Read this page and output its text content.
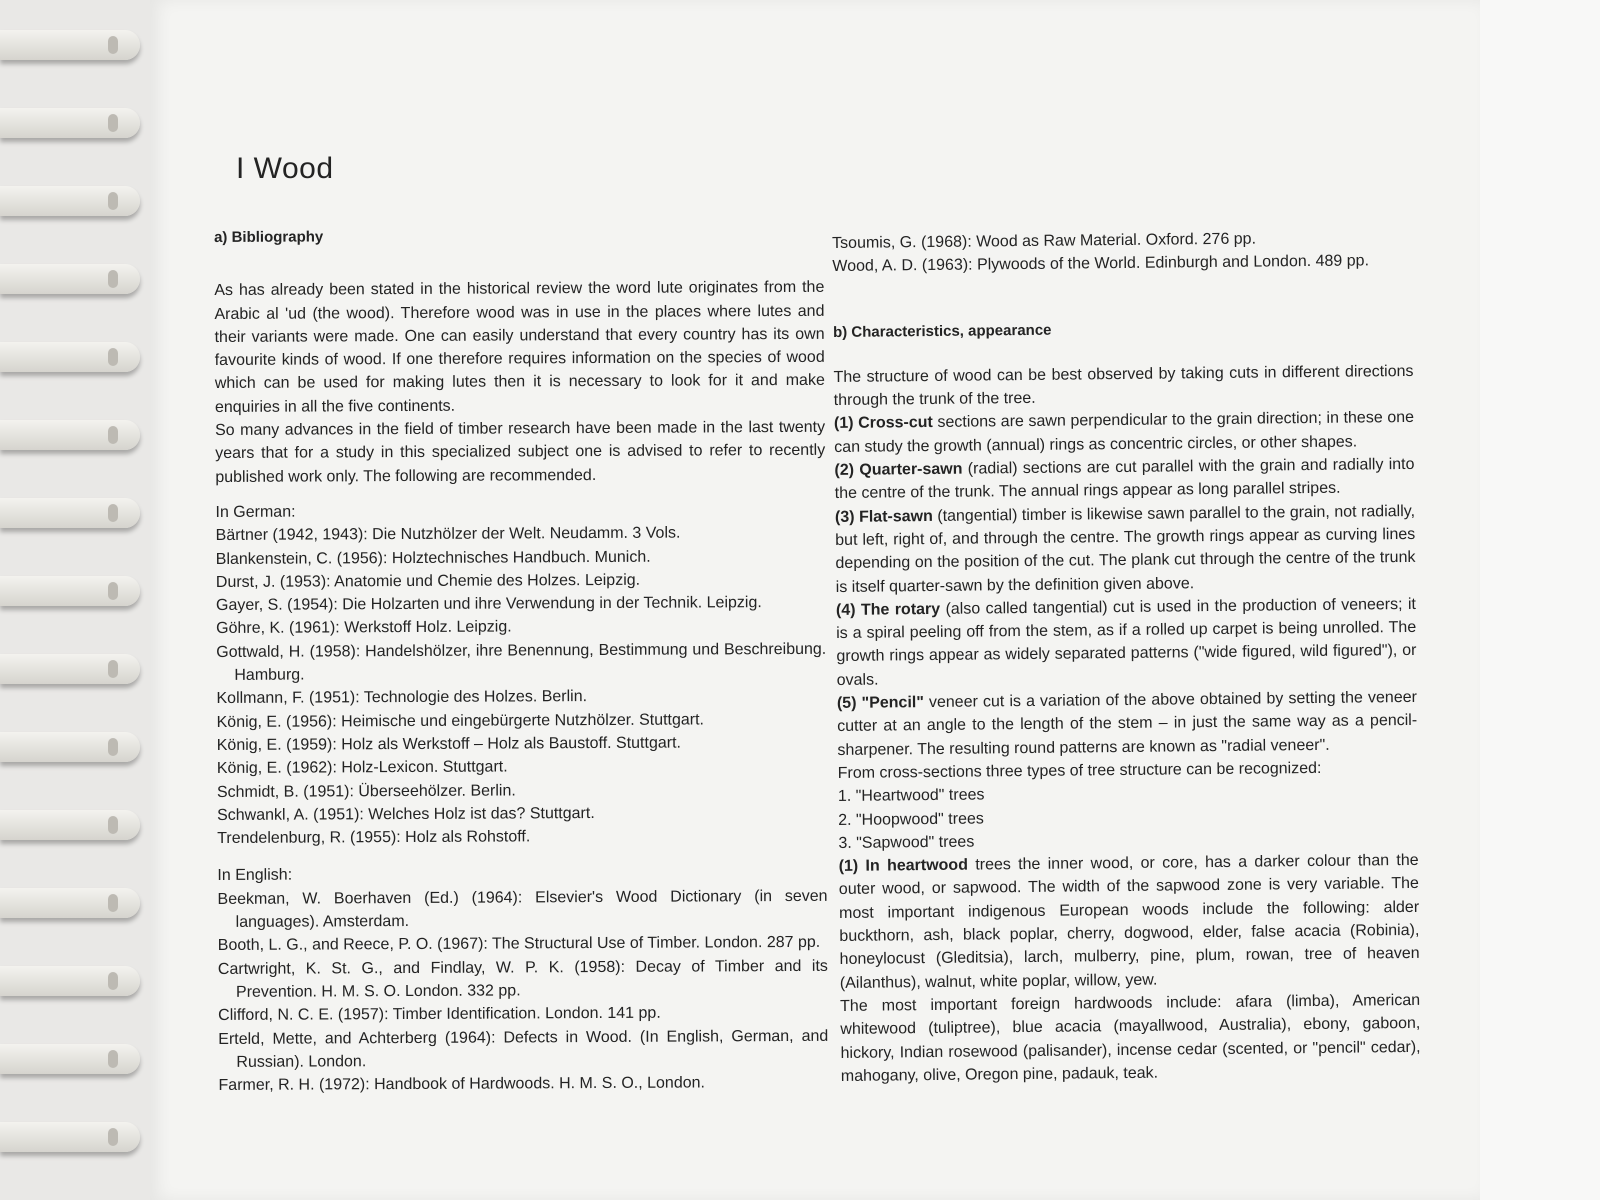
I Wood

a) Bibliography

As has already been stated in the historical review the word lute originates from the Arabic al 'ud (the wood). Therefore wood was in use in the places where lutes and their variants were made. One can easily understand that every country has its own favourite kinds of wood. If one therefore requires information on the species of wood which can be used for making lutes then it is necessary to look for it and make enquiries in all the five continents.

So many advances in the field of timber research have been made in the last twenty years that for a study in this specialized subject one is advised to refer to recently published work only. The following are recommended.

In German:

Bärtner (1942, 1943): Die Nutzhölzer der Welt. Neudamm. 3 Vols.

Blankenstein, C. (1956): Holztechnisches Handbuch. Munich.

Durst, J. (1953): Anatomie und Chemie des Holzes. Leipzig.

Gayer, S. (1954): Die Holzarten und ihre Verwendung in der Technik. Leipzig.

Göhre, K. (1961): Werkstoff Holz. Leipzig.

Gottwald, H. (1958): Handelshölzer, ihre Benennung, Bestimmung und Beschreibung. Hamburg.

Kollmann, F. (1951): Technologie des Holzes. Berlin.

König, E. (1956): Heimische und eingebürgerte Nutzhölzer. Stuttgart.

König, E. (1959): Holz als Werkstoff – Holz als Baustoff. Stuttgart.

König, E. (1962): Holz-Lexicon. Stuttgart.

Schmidt, B. (1951): Überseehölzer. Berlin.

Schwankl, A. (1951): Welches Holz ist das? Stuttgart.

Trendelenburg, R. (1955): Holz als Rohstoff.

In English:

Beekman, W. Boerhaven (Ed.) (1964): Elsevier's Wood Dictionary (in seven languages). Amsterdam.

Booth, L. G., and Reece, P. O. (1967): The Structural Use of Timber. London. 287 pp.

Cartwright, K. St. G., and Findlay, W. P. K. (1958): Decay of Timber and its Prevention. H. M. S. O. London. 332 pp.

Clifford, N. C. E. (1957): Timber Identification. London. 141 pp.

Erteld, Mette, and Achterberg (1964): Defects in Wood. (In English, German, and Russian). London.

Farmer, R. H. (1972): Handbook of Hardwoods. H. M. S. O., London.

Tsoumis, G. (1968): Wood as Raw Material. Oxford. 276 pp.

Wood, A. D. (1963): Plywoods of the World. Edinburgh and London. 489 pp.

b) Characteristics, appearance

The structure of wood can be best observed by taking cuts in different directions through the trunk of the tree.

(1) Cross-cut sections are sawn perpendicular to the grain direction; in these one can study the growth (annual) rings as concentric circles, or other shapes.

(2) Quarter-sawn (radial) sections are cut parallel with the grain and radially into the centre of the trunk. The annual rings appear as long parallel stripes.

(3) Flat-sawn (tangential) timber is likewise sawn parallel to the grain, not radially, but left, right of, and through the centre. The growth rings appear as curving lines depending on the position of the cut. The plank cut through the centre of the trunk is itself quarter-sawn by the definition given above.

(4) The rotary (also called tangential) cut is used in the production of veneers; it is a spiral peeling off from the stem, as if a rolled up carpet is being unrolled. The growth rings appear as widely separated patterns ("wide figured, wild figured"), or ovals.

(5) "Pencil" veneer cut is a variation of the above obtained by setting the veneer cutter at an angle to the length of the stem – in just the same way as a pencil-sharpener. The resulting round patterns are known as "radial veneer".

From cross-sections three types of tree structure can be recognized:

1. "Heartwood" trees

2. "Hoopwood" trees

3. "Sapwood" trees

(1) In heartwood trees the inner wood, or core, has a darker colour than the outer wood, or sapwood. The width of the sapwood zone is very variable. The most important indigenous European woods include the following: alder buckthorn, ash, black poplar, cherry, dogwood, elder, false acacia (Robinia), honeylocust (Gleditsia), larch, mulberry, pine, plum, rowan, tree of heaven (Ailanthus), walnut, white poplar, willow, yew.

The most important foreign hardwoods include: afara (limba), American whitewood (tuliptree), blue acacia (mayallwood, Australia), ebony, gaboon, hickory, Indian rosewood (palisander), incense cedar (scented, or "pencil" cedar), mahogany, olive, Oregon pine, padauk, teak.
